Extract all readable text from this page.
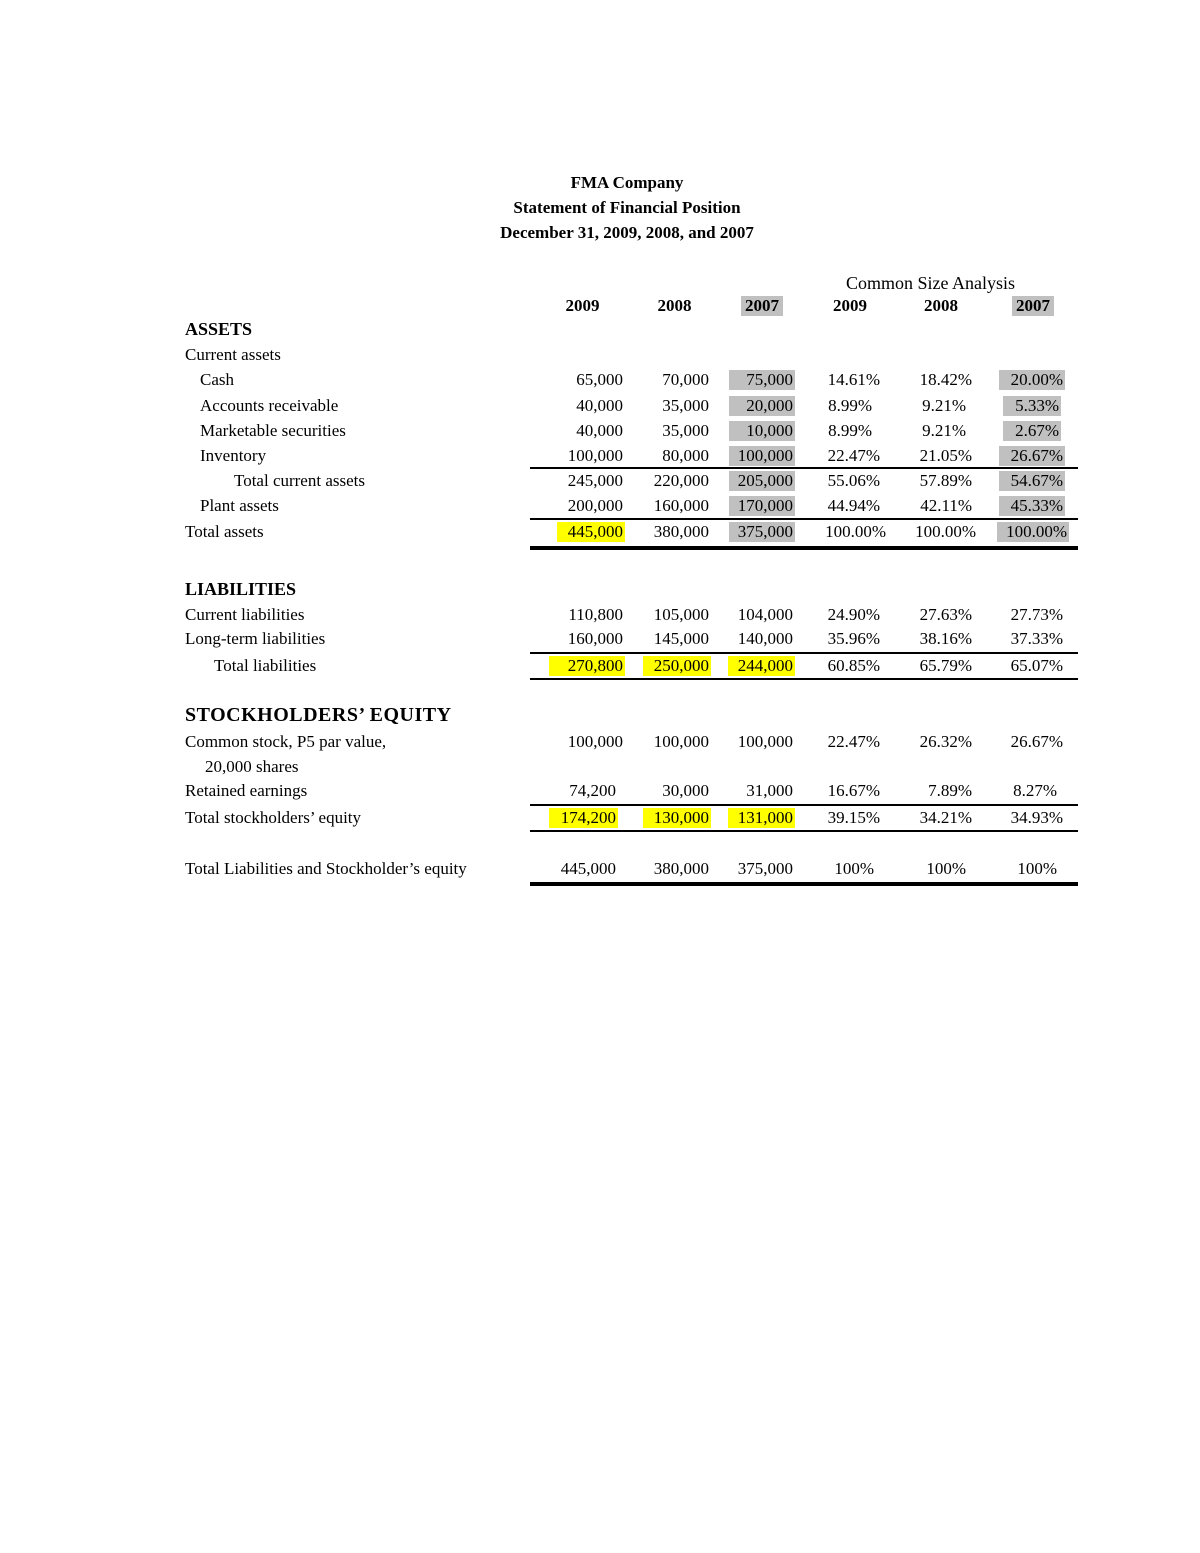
FMA Company
Statement of Financial Position
December 31, 2009, 2008, and 2007
Common Size Analysis
2009	2008	2007	2009	2008	2007
ASSETS
Current assets
Cash	65,000	70,000	75,000	14.61%	18.42%	20.00%
Accounts receivable	40,000	35,000	20,000	8.99%	9.21%	5.33%
Marketable securities	40,000	35,000	10,000	8.99%	9.21%	2.67%
Inventory	100,000	80,000	100,000	22.47%	21.05%	26.67%
Total current assets	245,000	220,000	205,000	55.06%	57.89%	54.67%
Plant assets	200,000	160,000	170,000	44.94%	42.11%	45.33%
Total assets	445,000	380,000	375,000	100.00%	100.00%	100.00%
LIABILITIES
Current liabilities	110,800	105,000	104,000	24.90%	27.63%	27.73%
Long-term liabilities	160,000	145,000	140,000	35.96%	38.16%	37.33%
Total liabilities	270,800	250,000	244,000	60.85%	65.79%	65.07%
STOCKHOLDERS’ EQUITY
Common stock, P5 par value,
20,000 shares
100,000	100,000	100,000	22.47%	26.32%	26.67%
Retained earnings	74,200	30,000	31,000	16.67%	7.89%	8.27%
Total stockholders’ equity	174,200	130,000	131,000	39.15%	34.21%	34.93%
Total Liabilities and Stockholder’s equity	445,000	380,000	375,000	100%	100%	100%
